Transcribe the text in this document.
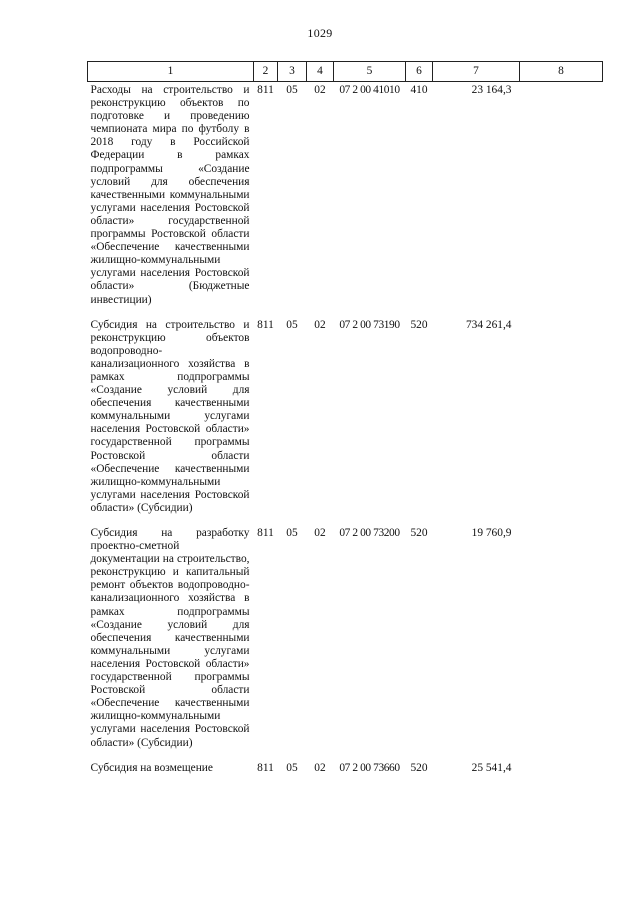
1029
1	2	3	4	5	6	7	8
Расходы на строительство и реконструкцию объектов по подготовке и проведению чемпионата мира по футболу в 2018 году в Российской Федерации в рамках подпрограммы «Создание условий для обеспечения качественными коммунальными услугами населения Ростовской области» государственной программы Ростовской области «Обеспечение качественными жилищно-коммунальными услугами населения Ростовской области» (Бюджетные инвестиции)	811	05	02	07 2 00 41010	410	23 164,3	
Субсидия на строительство и реконструкцию объектов водопроводно-канализационного хозяйства в рамках подпрограммы «Создание условий для обеспечения качественными коммунальными услугами населения Ростовской области» государственной программы Ростовской области «Обеспечение качественными жилищно-коммунальными услугами населения Ростовской области» (Субсидии)	811	05	02	07 2 00 73190	520	734 261,4	
Субсидия на разработку проектно-сметной документации на строительство, реконструкцию и капитальный ремонт объектов водопроводно-канализационного хозяйства в рамках подпрограммы «Создание условий для обеспечения качественными коммунальными услугами населения Ростовской области» государственной программы Ростовской области «Обеспечение качественными жилищно-коммунальными услугами населения Ростовской области» (Субсидии)	811	05	02	07 2 00 73200	520	19 760,9	
Субсидия на возмещение	811	05	02	07 2 00 73660	520	25 541,4	
